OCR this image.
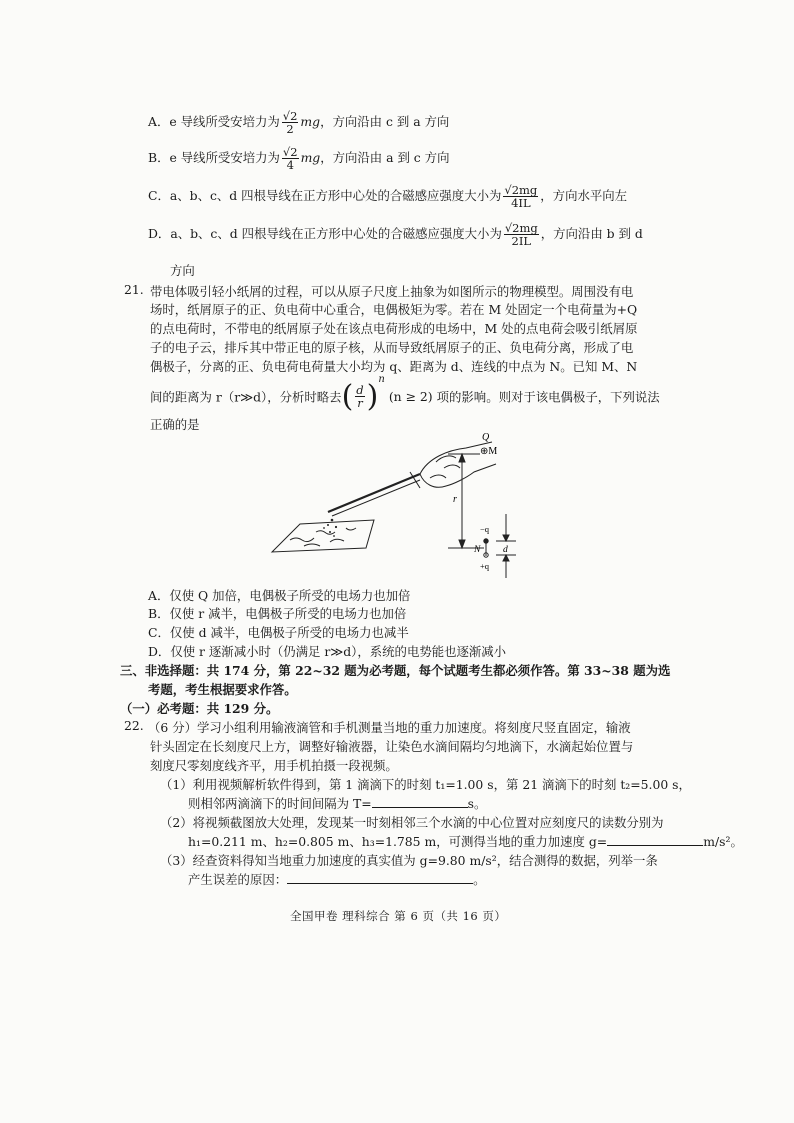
A．e 导线所受安培力为 $\frac{√2}{2}$ mg，方向沿由 c 到 a 方向
B．e 导线所受安培力为 $\frac{√2}{4}$ mg，方向沿由 a 到 c 方向
C．a、b、c、d 四根导线在正方形中心处的合磁感应强度大小为 $\frac{√2mg}{4IL}$ ，方向水平向左
D．a、b、c、d 四根导线在正方形中心处的合磁感应强度大小为 $\frac{√2mg}{2IL}$ ，方向沿由 b 到 d
方向
21. 带电体吸引轻小纸屑的过程，可以从原子尺度上抽象为如图所示的物理模型。周围没有电
场时，纸屑原子的正、负电荷中心重合，电偶极矩为零。若在 M 处固定一个电荷量为+Q
的点电荷时，不带电的纸屑原子处在该点电荷形成的电场中，M 处的点电荷会吸引纸屑原
子的电子云，排斥其中带正电的原子核，从而导致纸屑原子的正、负电荷分离，形成了电
偶极子，分离的正、负电荷电荷量大小均为 q、距离为 d、连线的中点为 N。已知 M、N
间的距离为 r（r≫d），分析时略去( $\frac{d}{r} )^n(n \ge 2)$ 项的影响。则对于该电偶极子，下列说法
正确的是
Q
⊕M
r
−q
+q
N d
A．仅使 Q 加倍，电偶极子所受的电场力也加倍
B．仅使 r 减半，电偶极子所受的电场力也加倍
C．仅使 d 减半，电偶极子所受的电场力也减半
D．仅使 r 逐渐减小时（仍满足 r≫d），系统的电势能也逐渐减小
三、非选择题：共 174 分，第 22~32 题为必考题，每个试题考生都必须作答。第 33~38 题为选
考题，考生根据要求作答。
（一）必考题：共 129 分。
22. （6 分）学习小组利用输液滴管和手机测量当地的重力加速度。将刻度尺竖直固定，输液
针头固定在长刻度尺上方，调整好输液器，让染色水滴间隔均匀地滴下，水滴起始位置与
刻度尺零刻度线齐平，用手机拍摄一段视频。
（1）利用视频解析软件得到，第 1 滴滴下的时刻 t₁=1.00 s，第 21 滴滴下的时刻 t₂=5.00 s，
则相邻两滴滴下的时间间隔为 T=	s。
（2）将视频截图放大处理，发现某一时刻相邻三个水滴的中心位置对应刻度尺的读数分别为
h₁=0.211 m、h₂=0.805 m、h₃=1.785 m，可测得当地的重力加速度 g=	m/s²。
（3）经查资料得知当地重力加速度的真实值为 g=9.80 m/s²，结合测得的数据，列举一条
产生误差的原因：	。
全国甲卷 理科综合 第 6 页（共 16 页）
